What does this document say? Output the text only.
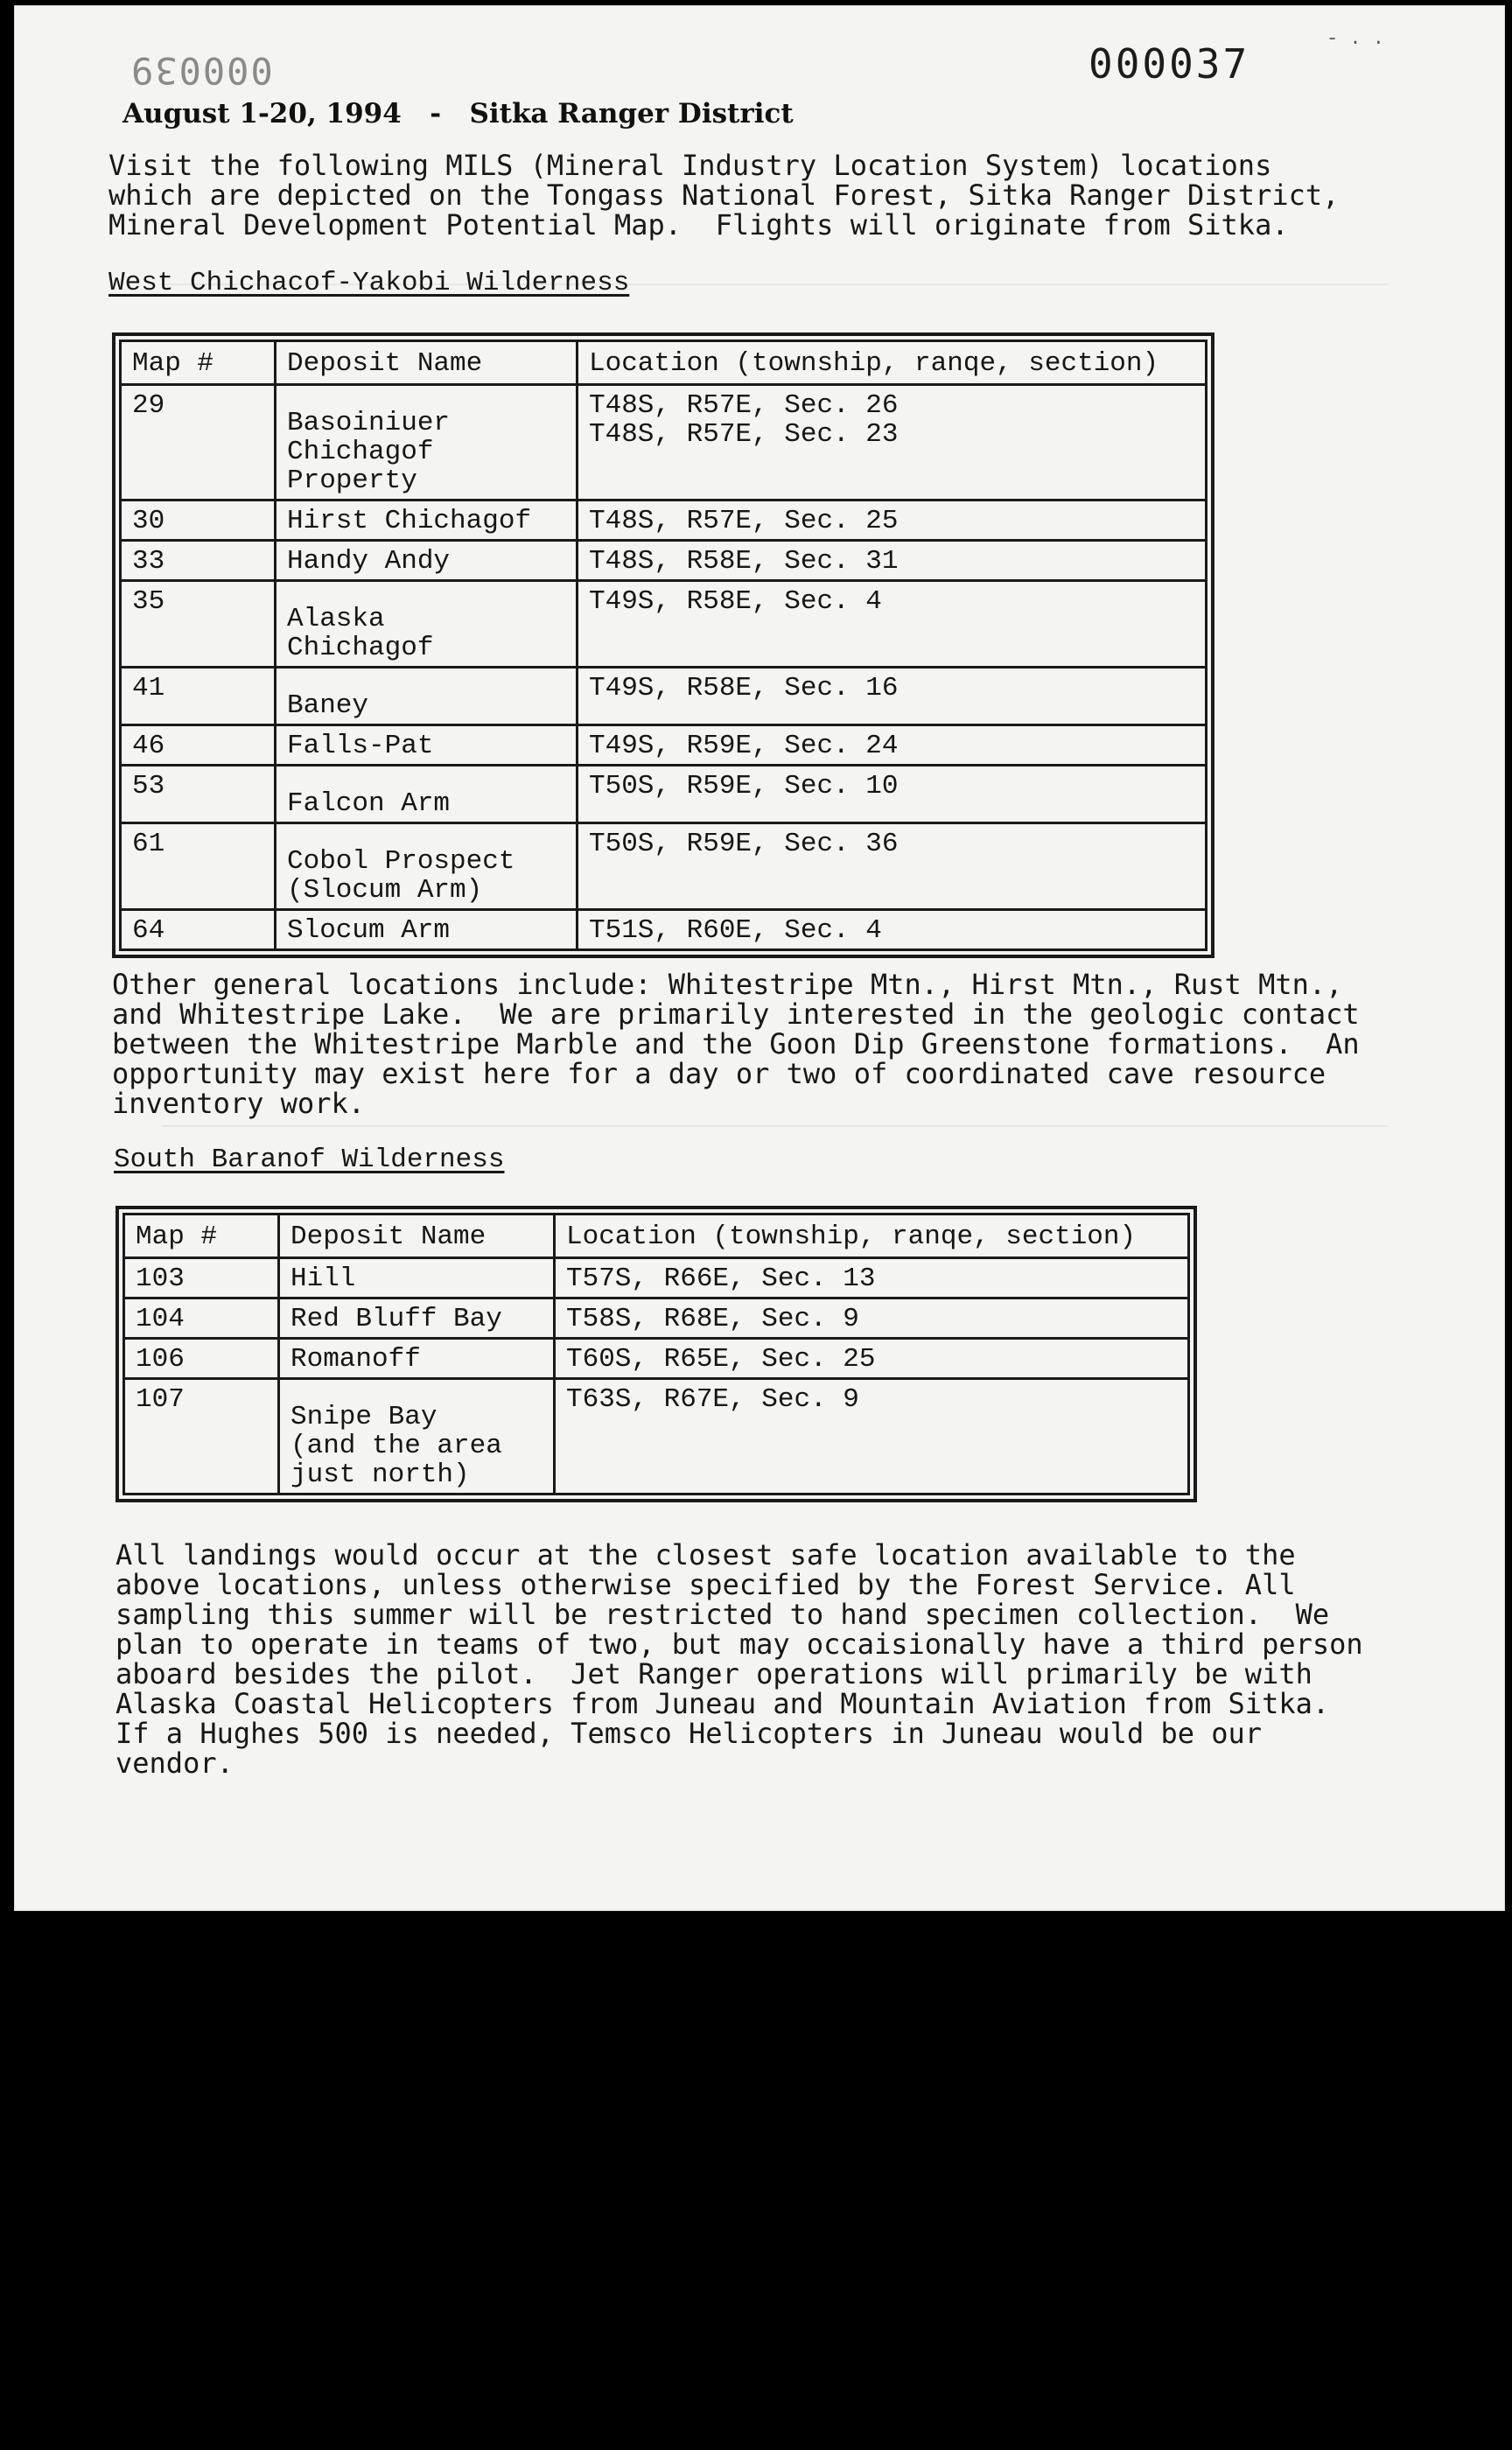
000039	000037
- . .
August 1-20, 1994 - Sitka Ranger District
Visit the following MILS (Mineral Industry Location System) locations
which are depicted on the Tongass National Forest, Sitka Ranger District,
Mineral Development Potential Map.  Flights will originate from Sitka.
West Chichacof-Yakobi Wilderness
Map #	Deposit Name	Location (township, ranqe, section)
29	Basoiniuer
Chichagof
Property	T48S, R57E, Sec. 26
T48S, R57E, Sec. 23
30	Hirst Chichagof	T48S, R57E, Sec. 25
33	Handy Andy	T48S, R58E, Sec. 31
35	Alaska
Chichagof	T49S, R58E, Sec. 4
41	Baney	T49S, R58E, Sec. 16
46	Falls-Pat	T49S, R59E, Sec. 24
53	Falcon Arm	T50S, R59E, Sec. 10
61	Cobol Prospect
(Slocum Arm)	T50S, R59E, Sec. 36
64	Slocum Arm	T51S, R60E, Sec. 4
Other general locations include: Whitestripe Mtn., Hirst Mtn., Rust Mtn.,
and Whitestripe Lake.  We are primarily interested in the geologic contact
between the Whitestripe Marble and the Goon Dip Greenstone formations.  An
opportunity may exist here for a day or two of coordinated cave resource
inventory work.
South Baranof Wilderness
Map #	Deposit Name	Location (township, ranqe, section)
103	Hill	T57S, R66E, Sec. 13
104	Red Bluff Bay	T58S, R68E, Sec. 9
106	Romanoff	T60S, R65E, Sec. 25
107	Snipe Bay
(and the area
just north)	T63S, R67E, Sec. 9
All landings would occur at the closest safe location available to the
above locations, unless otherwise specified by the Forest Service. All
sampling this summer will be restricted to hand specimen collection.  We
plan to operate in teams of two, but may occaisionally have a third person
aboard besides the pilot.  Jet Ranger operations will primarily be with
Alaska Coastal Helicopters from Juneau and Mountain Aviation from Sitka.
If a Hughes 500 is needed, Temsco Helicopters in Juneau would be our
vendor.
